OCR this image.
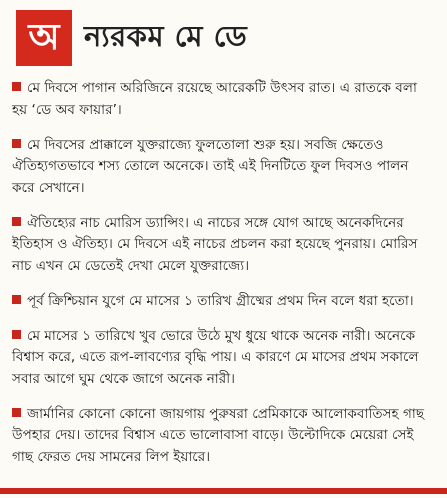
অ ন্যরকম মে ডে

মে দিবসে পাগান অরিজিনে রয়েছে আরেকটি উৎসব রাত। এ রাতকে বলা হয় ‘ডে অব ফায়ার’।

মে দিবসের প্রাক্কালে যুক্তরাজ্যে ফুলতোলা শুরু হয়। সবজি ক্ষেতেও ঐতিহ্যগতভাবে শস্য তোলে অনেকে। তাই এই দিনটিতে ফুল দিবসও পালন করে সেখানে।

ঐতিহ্যের নাচ মোরিস ড্যান্সিং। এ নাচের সঙ্গে যোগ আছে অনেকদিনের ইতিহাস ও ঐতিহ্য। মে দিবসে এই নাচের প্রচলন করা হয়েছে পুনরায়। মোরিস নাচ এখন মে ডেতেই দেখা মেলে যুক্তরাজ্যে।

পূর্ব ক্রিশ্চিয়ান যুগে মে মাসের ১ তারিখ গ্রীষ্মের প্রথম দিন বলে ধরা হতো।

মে মাসের ১ তারিখে খুব ভোরে উঠে মুখ ধুয়ে থাকে অনেক নারী। অনেকে বিশ্বাস করে, এতে রূপ-লাবণ্যের বৃদ্ধি পায়। এ কারণে মে মাসের প্রথম সকালে সবার আগে ঘুম থেকে জাগে অনেক নারী।

জার্মানির কোনো কোনো জায়গায় পুরুষরা প্রেমিকাকে আলোকবাতিসহ গাছ উপহার দেয়। তাদের বিশ্বাস এতে ভালোবাসা বাড়ে। উল্টোদিকে মেয়েরা সেই গাছ ফেরত দেয় সামনের লিপ ইয়ারে।
